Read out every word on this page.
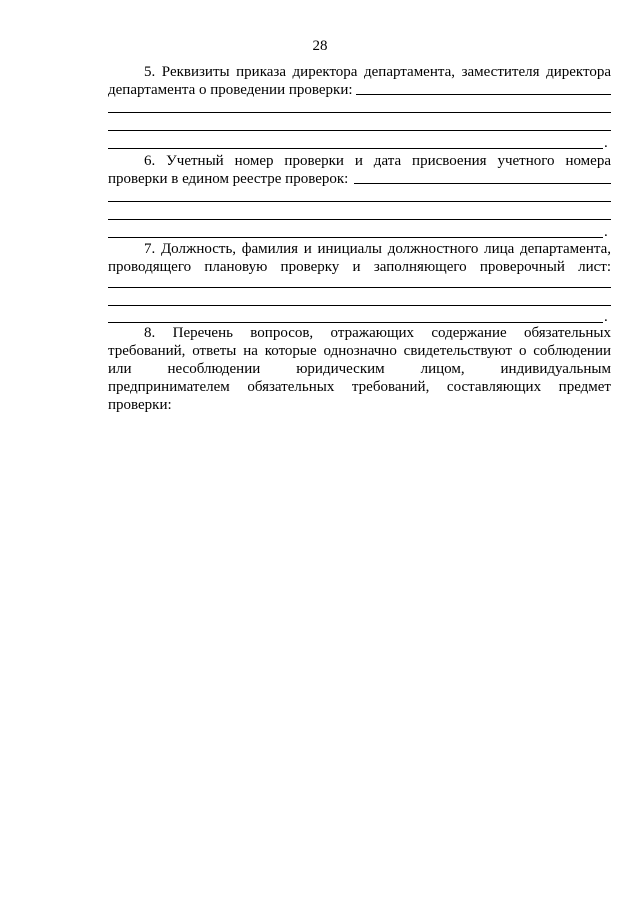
28
5. Реквизиты приказа директора департамента, заместителя директора
департамента о проведении проверки:
.
6. Учетный номер проверки и дата присвоения учетного номера
проверки в едином реестре проверок:
.
7. Должность, фамилия и инициалы должностного лица департамента,
проводящего плановую проверку и заполняющего проверочный лист:
.
8. Перечень вопросов, отражающих содержание обязательных
требований, ответы на которые однозначно свидетельствуют о соблюдении
или несоблюдении юридическим лицом, индивидуальным
предпринимателем обязательных требований, составляющих предмет
проверки:
